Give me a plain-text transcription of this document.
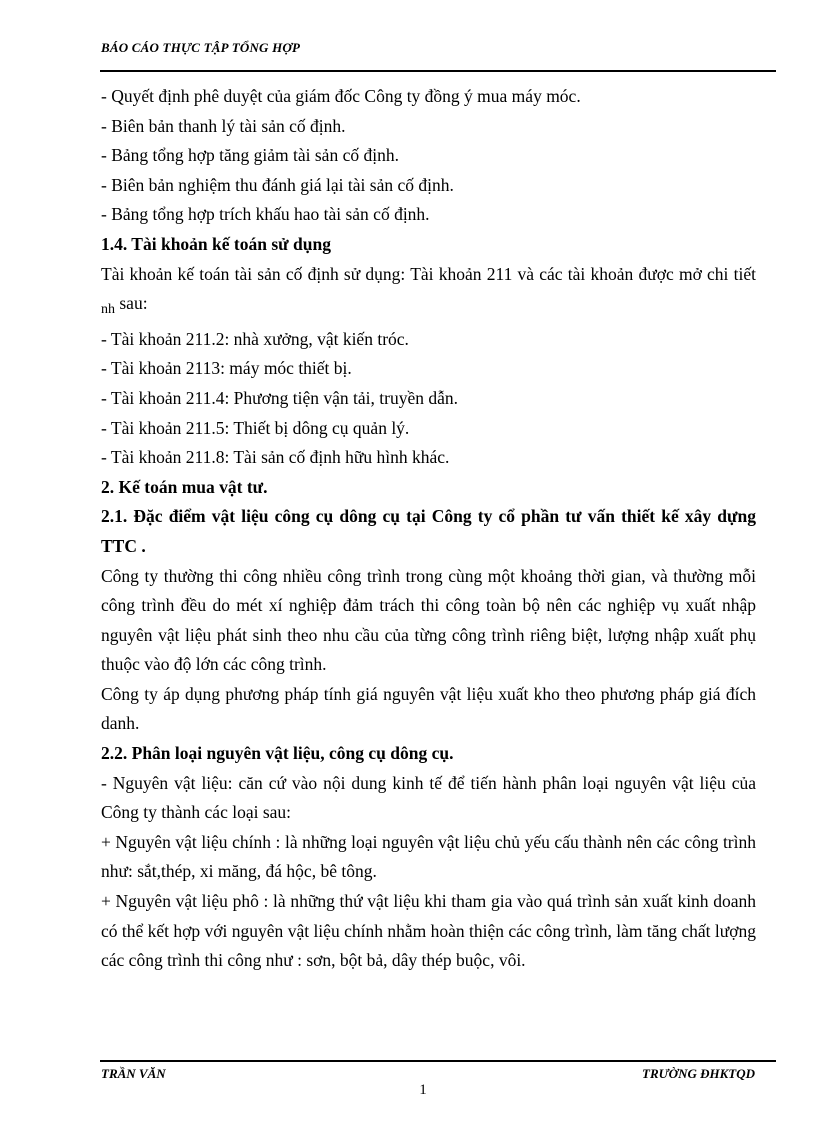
BÁO CÁO THỰC TẬP TỔNG HỢP
- Quyết định phê duyệt của giám đốc Công ty đồng ý mua máy móc.
- Biên bản thanh lý tài sản cố định.
- Bảng tổng hợp tăng giảm tài sản cố định.
- Biên bản nghiệm thu đánh giá lại tài sản cố định.
- Bảng tổng hợp trích khấu hao tài sản cố định.
1.4. Tài khoản kế toán sử dụng
Tài khoản kế toán tài sản cố định sử dụng: Tài khoản 211 và các tài khoản được mở chi tiết $_{nh}$ sau:
- Tài khoản 211.2: nhà xưởng, vật kiến tróc.
- Tài khoản 2113: máy móc thiết bị.
- Tài khoản 211.4: Phương tiện vận tải, truyền dẫn.
- Tài khoản 211.5: Thiết bị dông cụ quản lý.
- Tài khoản 211.8: Tài sản cố định hữu hình khác.
2. Kế toán mua vật tư.
2.1. Đặc điểm vật liệu công cụ dông cụ tại Công ty cổ phần tư vấn thiết kế xây dựng TTC .
Công ty thường thi công nhiều công trình trong cùng một khoảng thời gian, và thường mỗi công trình đều do mét xí nghiệp đảm trách thi công toàn bộ nên các nghiệp vụ xuất nhập nguyên vật liệu phát sinh theo nhu cầu của từng công trình riêng biệt, lượng nhập xuất phụ thuộc vào độ lớn các công trình.
Công ty áp dụng phương pháp tính giá nguyên vật liệu xuất kho theo phương pháp giá đích danh.
2.2. Phân loại nguyên vật liệu, công cụ dông cụ.
- Nguyên vật liệu: căn cứ vào nội dung kinh tế để tiến hành phân loại nguyên vật liệu của Công ty thành các loại sau:
+ Nguyên vật liệu chính : là những loại nguyên vật liệu chủ yếu cấu thành nên các công trình như: sắt,thép, xi măng, đá hộc, bê tông.
+ Nguyên vật liệu phô : là những thứ vật liệu khi tham gia vào quá trình sản xuất kinh doanh có thể kết hợp với nguyên vật liệu chính nhằm hoàn thiện các công trình, làm tăng chất lượng các công trình thi công như : sơn, bột bả, dây thép buộc, vôi.
TRẦN VĂN	TRƯỜNG ĐHKTQD
1
